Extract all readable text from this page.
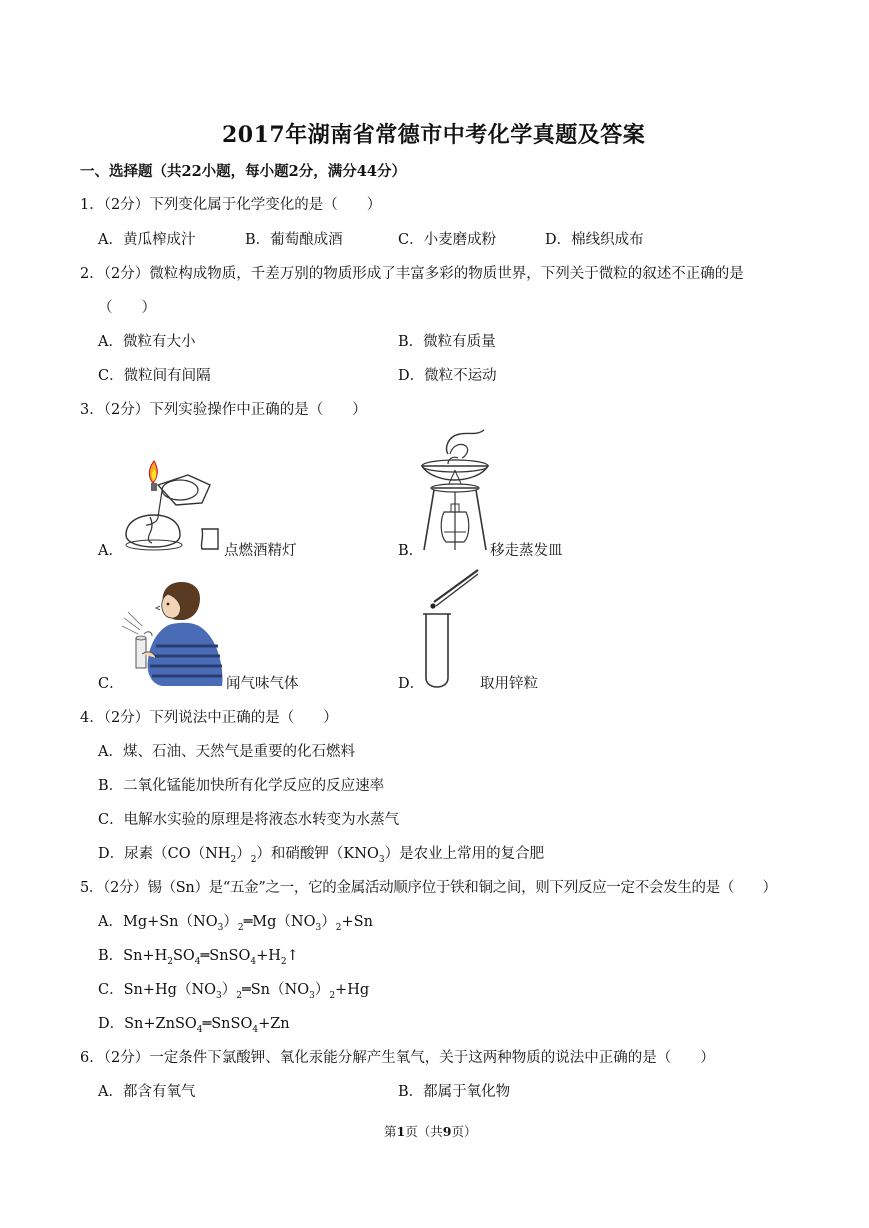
2017年湖南省常德市中考化学真题及答案
一、选择题（共22小题，每小题2分，满分44分）
1．（2分）下列变化属于化学变化的是（　　）
A．黄瓜榨成汁	B．葡萄酿成酒	C．小麦磨成粉	D．棉线织成布
2．（2分）微粒构成物质，千差万别的物质形成了丰富多彩的物质世界，下列关于微粒的叙述不正确的是
（　　）
A．微粒有大小	B．微粒有质量
C．微粒间有间隔	D．微粒不运动
3．（2分）下列实验操作中正确的是（　　）
A．	点燃酒精灯	B．	移走蒸发皿
C．	闻气味气体	D．	取用锌粒
4．（2分）下列说法中正确的是（　　）
A．煤、石油、天然气是重要的化石燃料
B．二氧化锰能加快所有化学反应的反应速率
C．电解水实验的原理是将液态水转变为水蒸气
D．尿素$(CO(NH_2)_2)$和硝酸钾$(KNO_3)$是农业上常用的复合肥
5．（2分）锡（Sn）是“五金”之一，它的金属活动顺序位于铁和铜之间，则下列反应一定不会发生的是（　　）
A．$Mg+Sn(NO_3)_2═Mg(NO_3)_2+Sn$
B．$Sn+H_2SO_4═SnSO_4+H_2↑$
C．$Sn+Hg(NO_3)_2═Sn(NO_3)_2+Hg$
D．Sn+ZnSO$_4$═SnSO$_4$+Zn
6．（2分）一定条件下氯酸钾、氧化汞能分解产生氧气，关于这两种物质的说法中正确的是（　　）
A．都含有氧气	B．都属于氧化物
第1页（共9页）
